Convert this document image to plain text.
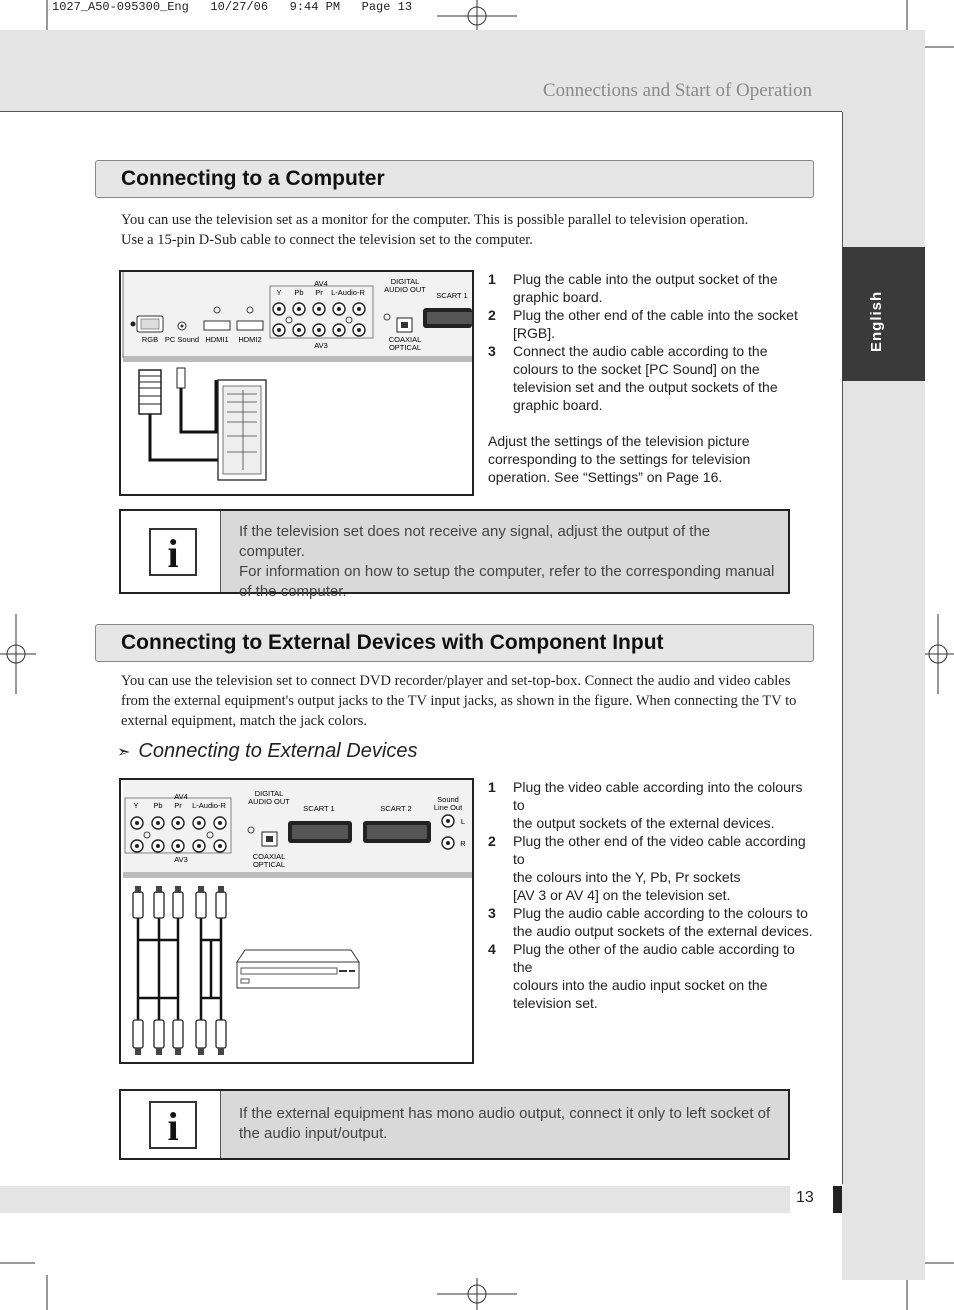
1027_A50-095300_Eng   10/27/06   9:44 PM   Page 13
Connections and Start of Operation
English
Connecting to a Computer
You can use the television set as a monitor for the computer. This is possible parallel to television operation.
Use a 15-pin D-Sub cable to connect the television set to the computer.
RGB PC Sound HDMI1 HDMI2
AV4
Y Pb Pr L-Audio-R
AV3
DIGITAL
AUDIO OUT
COAXIAL
OPTICAL
SCART 1
1	Plug the cable into the output socket of the
graphic board.
2	Plug the other end of the cable into the socket
[RGB].
3	Connect the audio cable according to the
colours to the socket [PC Sound] on the
television set and the output sockets of the
graphic board.
Adjust the settings of the television picture
corresponding to the settings for television
operation. See “Settings” on Page 16.
i	If the television set does not receive any signal, adjust the output of the computer.
For information on how to setup the computer, refer to the corresponding manual
of the computer.
Connecting to External Devices with Component Input
You can use the television set to connect DVD recorder/player and set-top-box. Connect the audio and video cables
from the external equipment's output jacks to the TV input jacks, as shown in the figure. When connecting the TV to
external equipment, match the jack colors.
➣ Connecting to External Devices
AV4
Y Pb Pr L-Audio-R
AV3
DIGITAL
AUDIO OUT
COAXIAL
OPTICAL
SCART 1	SCART 2
Sound
Line Out
L
R
1	Plug the video cable according into the colours to
the output sockets of the external devices.
2	Plug the other end of the video cable according to
the colours into the Y, Pb, Pr sockets
[AV 3 or AV 4] on the television set.
3	Plug the audio cable according to the colours to
the audio output sockets of the external devices.
4	Plug the other of the audio cable according to the
colours into the audio input socket on the
television set.
i	If the external equipment has mono audio output, connect it only to left socket of
the audio input/output.
13
